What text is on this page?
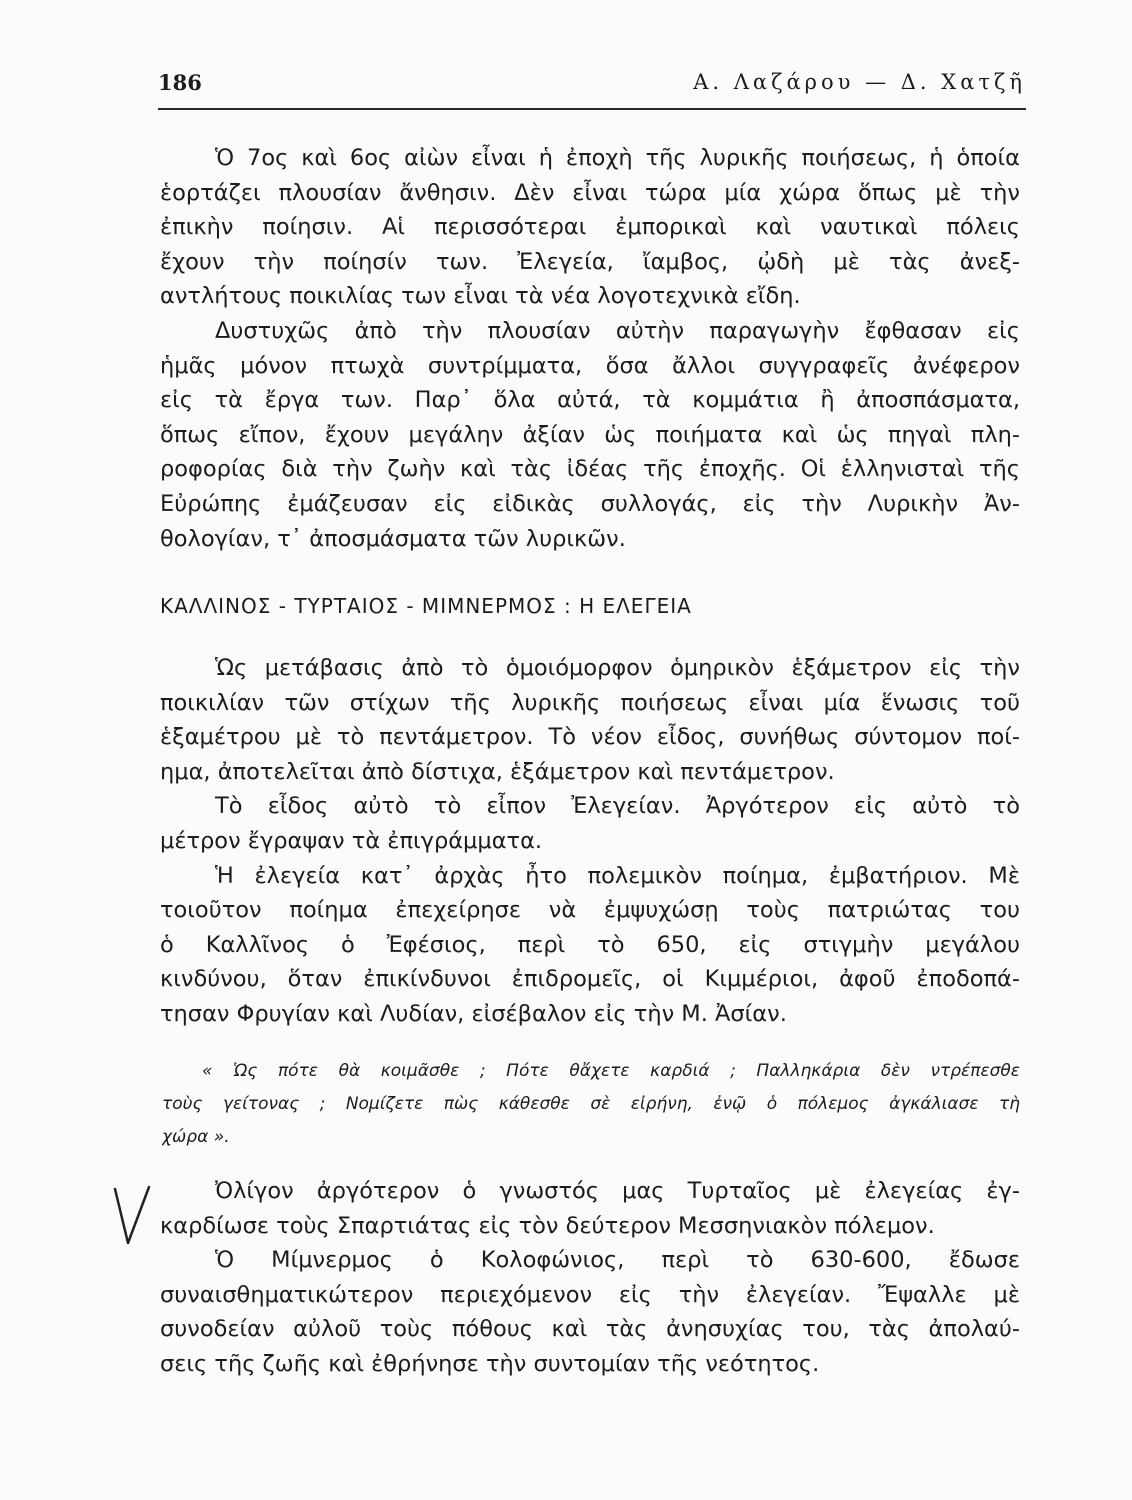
186	Α. Λαζάρου — Δ. Χατζῆ
Ὁ 7ος καὶ 6ος αἰὼν εἶναι ἡ ἐποχὴ τῆς λυρικῆς ποιήσεως, ἡ ὁποία
ἑορτάζει πλουσίαν ἄνθησιν. Δὲν εἶναι τώρα μία χώρα ὅπως μὲ τὴν
ἐπικὴν ποίησιν. Αἱ περισσότεραι ἐμπορικαὶ καὶ ναυτικαὶ πόλεις
ἔχουν τὴν ποίησίν των. Ἐλεγεία, ἴαμβος, ᾠδὴ μὲ τὰς ἀνεξ-
αντλήτους ποικιλίας των εἶναι τὰ νέα λογοτεχνικὰ εἴδη.
Δυστυχῶς ἀπὸ τὴν πλουσίαν αὐτὴν παραγωγὴν ἔφθασαν εἰς
ἡμᾶς μόνον πτωχὰ συντρίμματα, ὅσα ἄλλοι συγγραφεῖς ἀνέφερον
εἰς τὰ ἔργα των. Παρ᾽ ὅλα αὐτά, τὰ κομμάτια ἢ ἀποσπάσματα,
ὅπως εἴπον, ἔχουν μεγάλην ἀξίαν ὡς ποιήματα καὶ ὡς πηγαὶ πλη-
ροφορίας διὰ τὴν ζωὴν καὶ τὰς ἰδέας τῆς ἐποχῆς. Οἱ ἑλληνισταὶ τῆς
Εὐρώπης ἐμάζευσαν εἰς εἰδικὰς συλλογάς, εἰς τὴν Λυρικὴν Ἀν-
θολογίαν, τ᾽ ἀποσμάσματα τῶν λυρικῶν.
ΚΑΛΛΙΝΟΣ - ΤΥΡΤΑΙΟΣ - ΜΙΜΝΕΡΜΟΣ : Η ΕΛΕΓΕΙΑ
Ὡς μετάβασις ἀπὸ τὸ ὁμοιόμορφον ὁμηρικὸν ἑξάμετρον εἰς τὴν
ποικιλίαν τῶν στίχων τῆς λυρικῆς ποιήσεως εἶναι μία ἕνωσις τοῦ
ἑξαμέτρου μὲ τὸ πεντάμετρον. Τὸ νέον εἶδος, συνήθως σύντομον ποί-
ημα, ἀποτελεῖται ἀπὸ δίστιχα, ἑξάμετρον καὶ πεντάμετρον.
Τὸ εἶδος αὐτὸ τὸ εἶπον Ἐλεγείαν. Ἀργότερον εἰς αὐτὸ τὸ
μέτρον ἔγραψαν τὰ ἐπιγράμματα.
Ἡ ἐλεγεία κατ᾽ ἀρχὰς ἦτο πολεμικὸν ποίημα, ἐμβατήριον. Μὲ
τοιοῦτον ποίημα ἐπεχείρησε νὰ ἐμψυχώσῃ τοὺς πατριώτας του
ὁ Καλλῖνος ὁ Ἐφέσιος, περὶ τὸ 650, εἰς στιγμὴν μεγάλου
κινδύνου, ὅταν ἐπικίνδυνοι ἐπιδρομεῖς, οἱ Κιμμέριοι, ἀφοῦ ἐποδοπά-
τησαν Φρυγίαν καὶ Λυδίαν, εἰσέβαλον εἰς τὴν Μ. Ἀσίαν.
« Ὡς πότε θὰ κοιμᾶσθε ; Πότε θἄχετε καρδιά ; Παλληκάρια δὲν ντρέπεσθε
τοὺς γείτονας ; Νομίζετε πὼς κάθεσθε σὲ εἰρήνη, ἐνῷ ὁ πόλεμος ἀγκάλιασε τὴ
χώρα ».
Ὀλίγον ἀργότερον ὁ γνωστός μας Τυρταῖος μὲ ἐλεγείας ἐγ-
καρδίωσε τοὺς Σπαρτιάτας εἰς τὸν δεύτερον Μεσσηνιακὸν πόλεμον.
Ὁ Μίμνερμος ὁ Κολοφώνιος, περὶ τὸ 630-600, ἔδωσε
συναισθηματικώτερον περιεχόμενον εἰς τὴν ἐλεγείαν. Ἔψαλλε μὲ
συνοδείαν αὐλοῦ τοὺς πόθους καὶ τὰς ἀνησυχίας του, τὰς ἀπολαύ-
σεις τῆς ζωῆς καὶ ἐθρήνησε τὴν συντομίαν τῆς νεότητος.
